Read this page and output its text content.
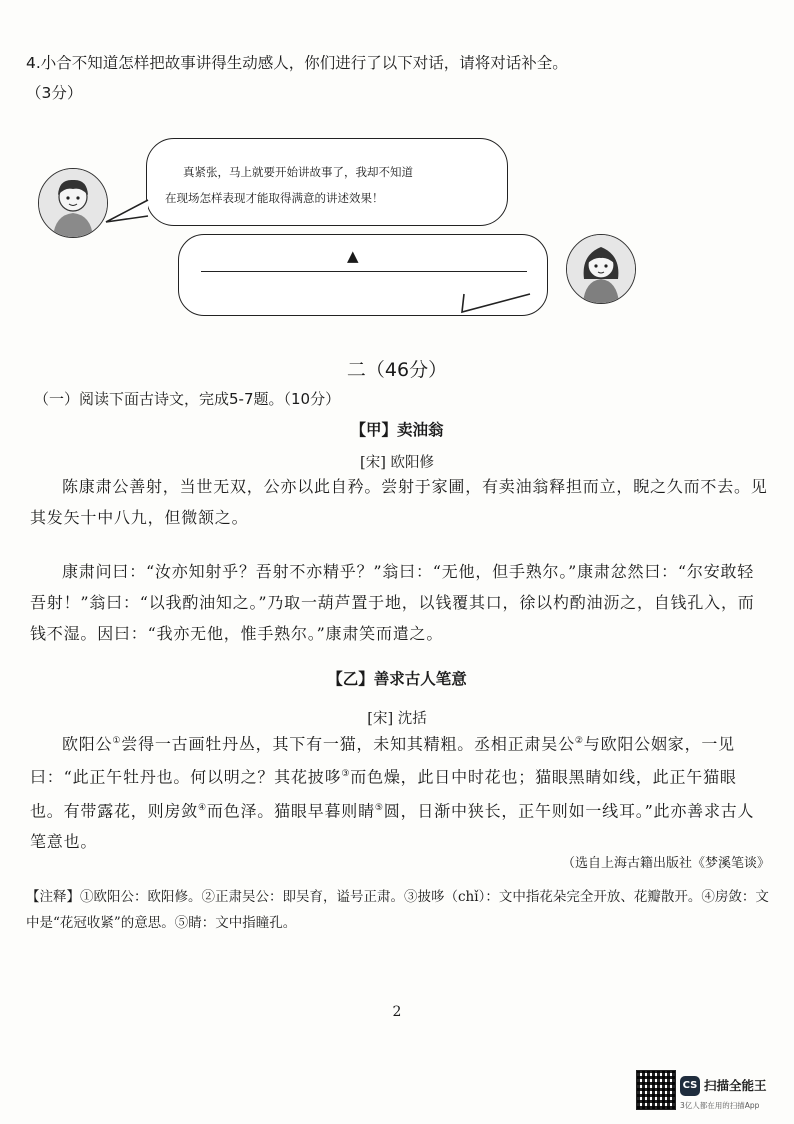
4.小合不知道怎样把故事讲得生动感人，你们进行了以下对话，请将对话补全。
（3分）
真紧张，马上就要开始讲故事了，我却不知道
在现场怎样表现才能取得满意的讲述效果！
▲
二（46分）
（一）阅读下面古诗文，完成5-7题。（10分）
【甲】卖油翁
[宋] 欧阳修
陈康肃公善射，当世无双，公亦以此自矜。尝射于家圃，有卖油翁释担而立，睨之久而不去。见其发矢十中八九，但微颔之。
康肃问曰：“汝亦知射乎？吾射不亦精乎？”翁曰：“无他，但手熟尔。”康肃忿然曰：“尔安敢轻吾射！”翁曰：“以我酌油知之。”乃取一葫芦置于地，以钱覆其口，徐以杓酌油沥之，自钱孔入，而钱不湿。因曰：“我亦无他，惟手熟尔。”康肃笑而遣之。
【乙】善求古人笔意
[宋] 沈括
欧阳公①尝得一古画牡丹丛，其下有一猫，未知其精粗。丞相正肃吴公②与欧阳公姻家，一见曰：“此正午牡丹也。何以明之？其花披哆③而色燥，此日中时花也；猫眼黑睛如线，此正午猫眼也。有带露花，则房敛④而色泽。猫眼早暮则睛⑤圆，日渐中狭长，正午则如一线耳。”此亦善求古人笔意也。
（选自上海古籍出版社《梦溪笔谈》
【注释】①欧阳公：欧阳修。②正肃吴公：即吴育，谥号正肃。③披哆（chǐ）：文中指花朵完全开放、花瓣散开。④房敛：文中是“花冠收紧”的意思。⑤睛：文中指瞳孔。
2
CS 扫描全能王
3亿人都在用的扫描App
